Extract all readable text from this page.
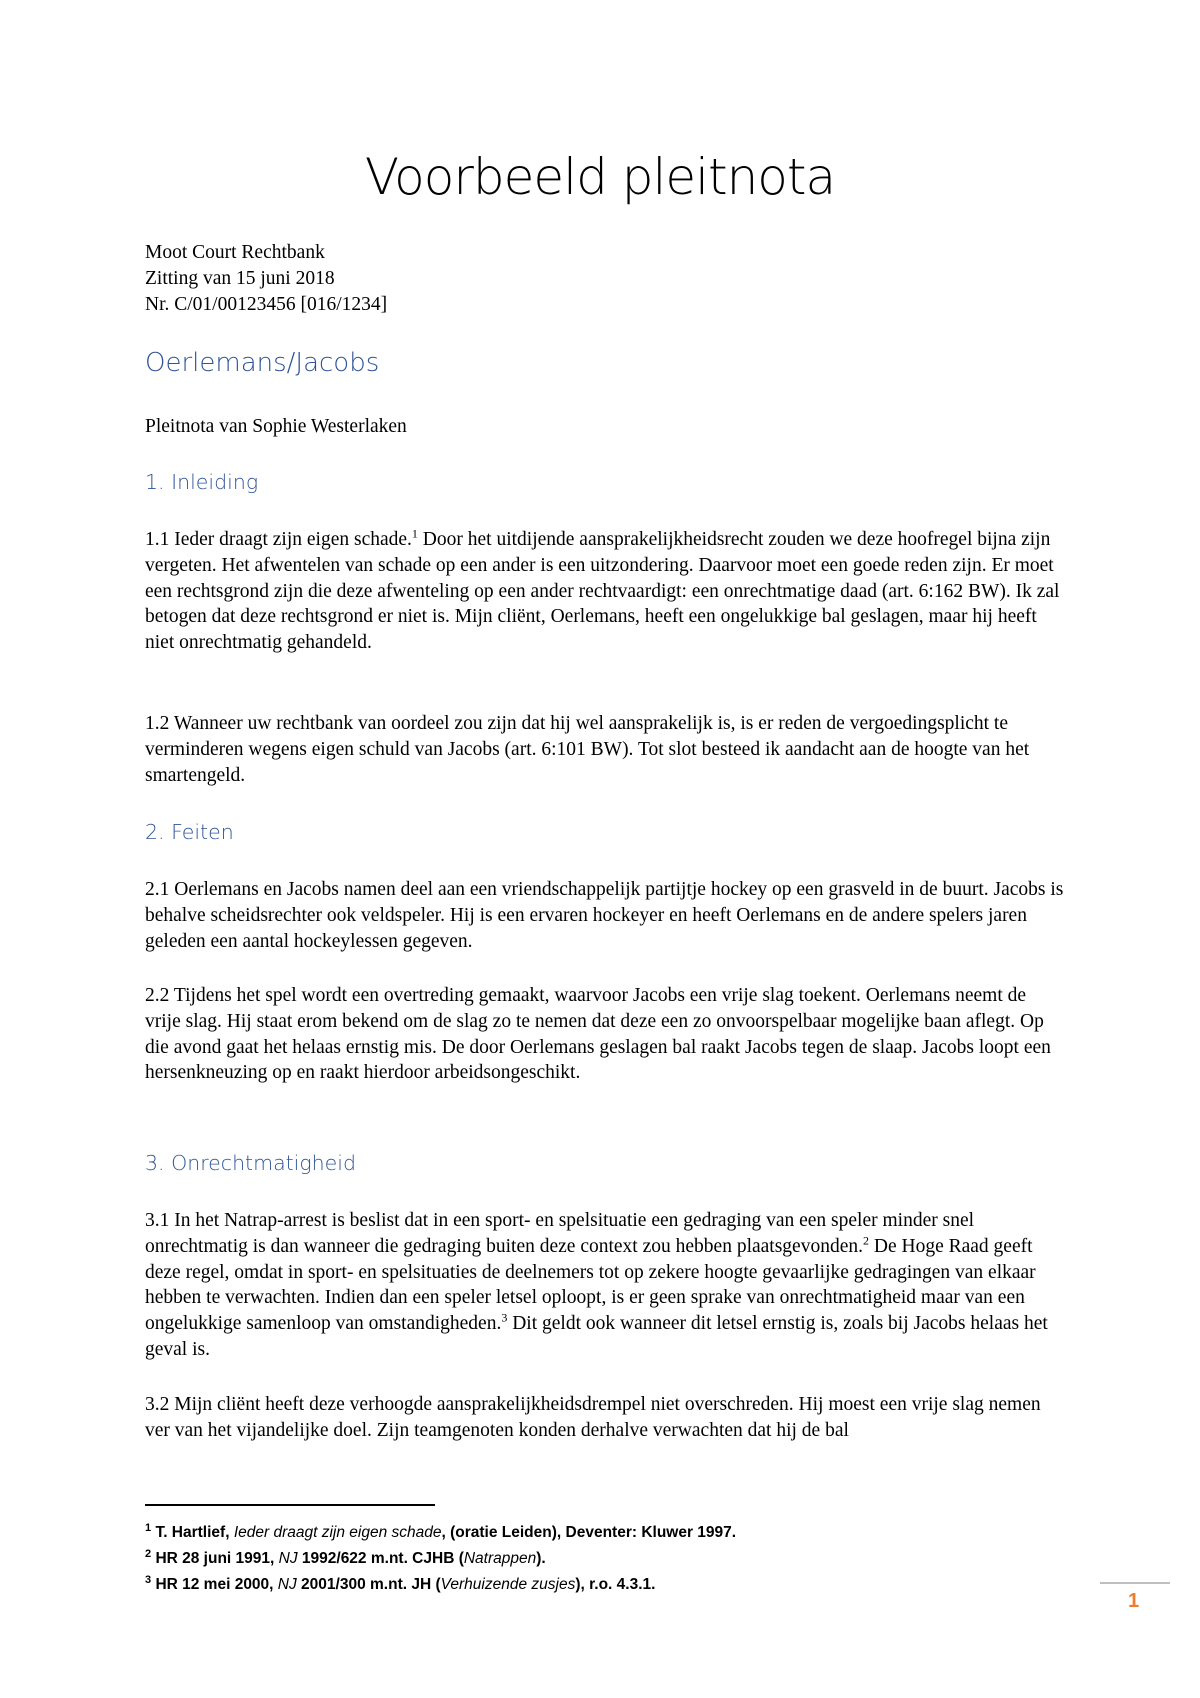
Voorbeeld pleitnota
Moot Court Rechtbank
Zitting van 15 juni 2018
Nr. C/01/00123456 [016/1234]
Oerlemans/Jacobs
Pleitnota van Sophie Westerlaken
1. Inleiding
1.1 Ieder draagt zijn eigen schade.$^1$ Door het uitdijende aansprakelijkheidsrecht zouden we deze hoofregel bijna zijn vergeten. Het afwentelen van schade op een ander is een uitzondering. Daarvoor moet een goede reden zijn. Er moet een rechtsgrond zijn die deze afwenteling op een ander rechtvaardigt: een onrechtmatige daad (art. 6:162 BW). Ik zal betogen dat deze rechtsgrond er niet is. Mijn cliënt, Oerlemans, heeft een ongelukkige bal geslagen, maar hij heeft niet onrechtmatig gehandeld.
1.2 Wanneer uw rechtbank van oordeel zou zijn dat hij wel aansprakelijk is, is er reden de vergoedingsplicht te verminderen wegens eigen schuld van Jacobs (art. 6:101 BW). Tot slot besteed ik aandacht aan de hoogte van het smartengeld.
2. Feiten
2.1 Oerlemans en Jacobs namen deel aan een vriendschappelijk partijtje hockey op een grasveld in de buurt. Jacobs is behalve scheidsrechter ook veldspeler. Hij is een ervaren hockeyer en heeft Oerlemans en de andere spelers jaren geleden een aantal hockeylessen gegeven.
2.2 Tijdens het spel wordt een overtreding gemaakt, waarvoor Jacobs een vrije slag toekent. Oerlemans neemt de vrije slag. Hij staat erom bekend om de slag zo te nemen dat deze een zo onvoorspelbaar mogelijke baan aflegt. Op die avond gaat het helaas ernstig mis. De door Oerlemans geslagen bal raakt Jacobs tegen de slaap. Jacobs loopt een hersenkneuzing op en raakt hierdoor arbeidsongeschikt.
3. Onrechtmatigheid
3.1 In het Natrap-arrest is beslist dat in een sport- en spelsituatie een gedraging van een speler minder snel onrechtmatig is dan wanneer die gedraging buiten deze context zou hebben plaatsgevonden.$^2$ De Hoge Raad geeft deze regel, omdat in sport- en spelsituaties de deelnemers tot op zekere hoogte gevaarlijke gedragingen van elkaar hebben te verwachten. Indien dan een speler letsel oploopt, is er geen sprake van onrechtmatigheid maar van een ongelukkige samenloop van omstandigheden.$^3$ Dit geldt ook wanneer dit letsel ernstig is, zoals bij Jacobs helaas het geval is.
3.2 Mijn cliënt heeft deze verhoogde aansprakelijkheidsdrempel niet overschreden. Hij moest een vrije slag nemen ver van het vijandelijke doel. Zijn teamgenoten konden derhalve verwachten dat hij de bal
$^1$ T. Hartlief, Ieder draagt zijn eigen schade, (oratie Leiden), Deventer: Kluwer 1997.
$^2$ HR 28 juni 1991, NJ 1992/622 m.nt. CJHB (Natrappen).
$^3$ HR 12 mei 2000, NJ 2001/300 m.nt. JH (Verhuizende zusjes), r.o. 4.3.1.
1
